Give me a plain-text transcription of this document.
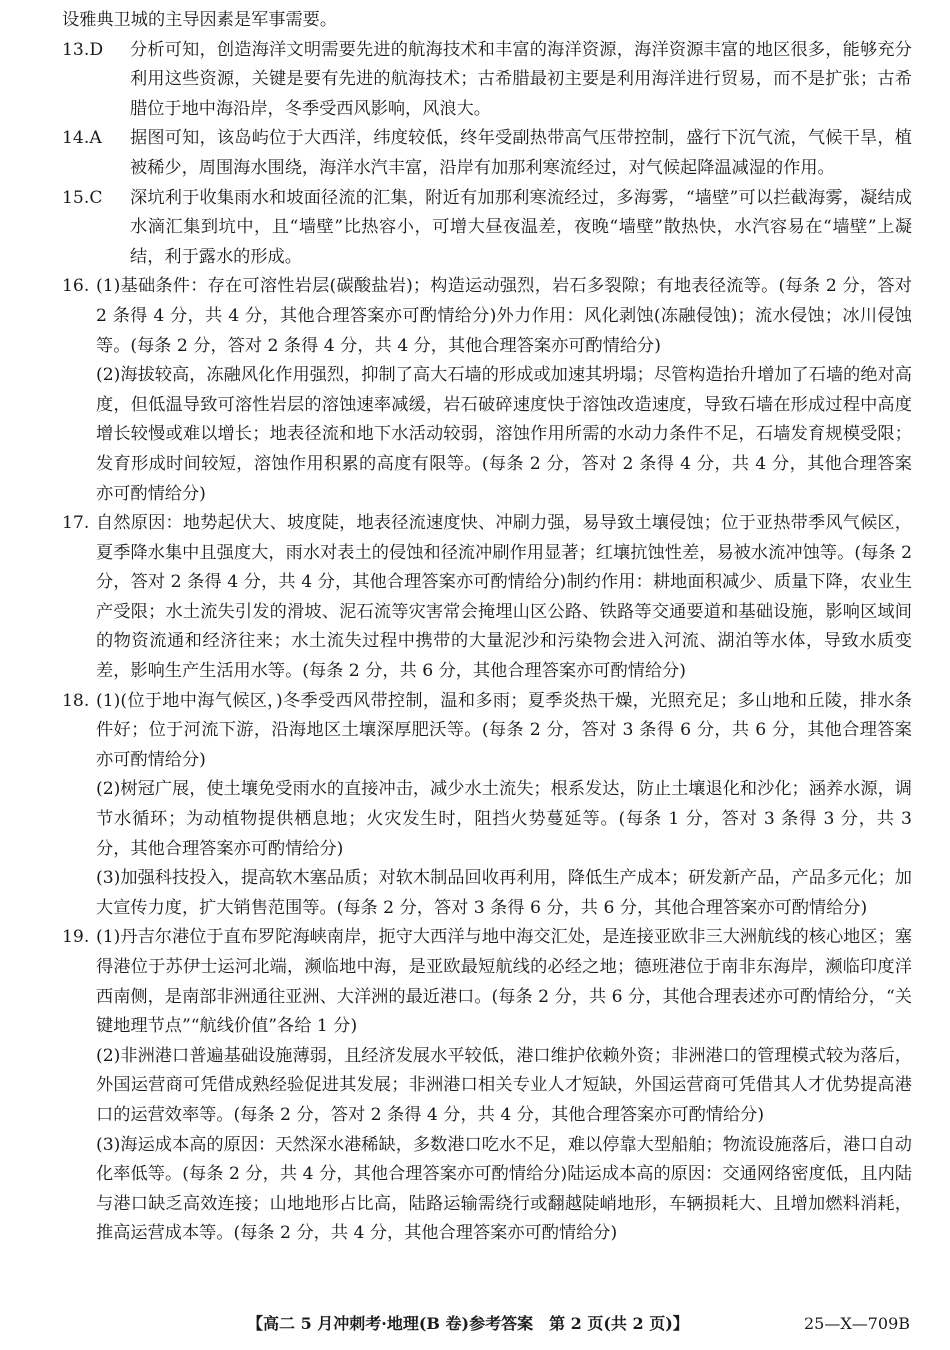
设雅典卫城的主导因素是军事需要。

13.D	分析可知，创造海洋文明需要先进的航海技术和丰富的海洋资源，海洋资源丰富的地区很多，能够充分利用这些资源，关键是要有先进的航海技术；古希腊最初主要是利用海洋进行贸易，而不是扩张；古希腊位于地中海沿岸，冬季受西风影响，风浪大。
14.A	据图可知，该岛屿位于大西洋，纬度较低，终年受副热带高气压带控制，盛行下沉气流，气候干旱，植被稀少，周围海水围绕，海洋水汽丰富，沿岸有加那利寒流经过，对气候起降温减湿的作用。
15.C	深坑利于收集雨水和坡面径流的汇集，附近有加那利寒流经过，多海雾，“墙壁”可以拦截海雾，凝结成水滴汇集到坑中，且“墙壁”比热容小，可增大昼夜温差，夜晚“墙壁”散热快，水汽容易在“墙壁”上凝结，利于露水的形成。
16. (1)基础条件：存在可溶性岩层(碳酸盐岩)；构造运动强烈，岩石多裂隙；有地表径流等。(每条 2 分，答对 2 条得 4 分，共 4 分，其他合理答案亦可酌情给分)外力作用：风化剥蚀(冻融侵蚀)；流水侵蚀；冰川侵蚀等。(每条 2 分，答对 2 条得 4 分，共 4 分，其他合理答案亦可酌情给分)

(2)海拔较高，冻融风化作用强烈，抑制了高大石墙的形成或加速其坍塌；尽管构造抬升增加了石墙的绝对高度，但低温导致可溶性岩层的溶蚀速率减缓，岩石破碎速度快于溶蚀改造速度，导致石墙在形成过程中高度增长较慢或难以增长；地表径流和地下水活动较弱，溶蚀作用所需的水动力条件不足，石墙发育规模受限；发育形成时间较短，溶蚀作用积累的高度有限等。(每条 2 分，答对 2 条得 4 分，共 4 分，其他合理答案亦可酌情给分)

17. 自然原因：地势起伏大、坡度陡，地表径流速度快、冲刷力强，易导致土壤侵蚀；位于亚热带季风气候区，夏季降水集中且强度大，雨水对表土的侵蚀和径流冲刷作用显著；红壤抗蚀性差，易被水流冲蚀等。(每条 2 分，答对 2 条得 4 分，共 4 分，其他合理答案亦可酌情给分)制约作用：耕地面积减少、质量下降，农业生产受限；水土流失引发的滑坡、泥石流等灾害常会掩埋山区公路、铁路等交通要道和基础设施，影响区域间的物资流通和经济往来；水土流失过程中携带的大量泥沙和污染物会进入河流、湖泊等水体，导致水质变差，影响生产生活用水等。(每条 2 分，共 6 分，其他合理答案亦可酌情给分)

18. (1)(位于地中海气候区，)冬季受西风带控制，温和多雨；夏季炎热干燥，光照充足；多山地和丘陵，排水条件好；位于河流下游，沿海地区土壤深厚肥沃等。(每条 2 分，答对 3 条得 6 分，共 6 分，其他合理答案亦可酌情给分)

(2)树冠广展，使土壤免受雨水的直接冲击，减少水土流失；根系发达，防止土壤退化和沙化；涵养水源，调节水循环；为动植物提供栖息地；火灾发生时，阻挡火势蔓延等。(每条 1 分，答对 3 条得 3 分，共 3 分，其他合理答案亦可酌情给分)

(3)加强科技投入，提高软木塞品质；对软木制品回收再利用，降低生产成本；研发新产品，产品多元化；加大宣传力度，扩大销售范围等。(每条 2 分，答对 3 条得 6 分，共 6 分，其他合理答案亦可酌情给分)

19. (1)丹吉尔港位于直布罗陀海峡南岸，扼守大西洋与地中海交汇处，是连接亚欧非三大洲航线的核心地区；塞得港位于苏伊士运河北端，濒临地中海，是亚欧最短航线的必经之地；德班港位于南非东海岸，濒临印度洋西南侧，是南部非洲通往亚洲、大洋洲的最近港口。(每条 2 分，共 6 分，其他合理表述亦可酌情给分，“关键地理节点”“航线价值”各给 1 分)

(2)非洲港口普遍基础设施薄弱，且经济发展水平较低，港口维护依赖外资；非洲港口的管理模式较为落后，外国运营商可凭借成熟经验促进其发展；非洲港口相关专业人才短缺，外国运营商可凭借其人才优势提高港口的运营效率等。(每条 2 分，答对 2 条得 4 分，共 4 分，其他合理答案亦可酌情给分)

(3)海运成本高的原因：天然深水港稀缺，多数港口吃水不足，难以停靠大型船舶；物流设施落后，港口自动化率低等。(每条 2 分，共 4 分，其他合理答案亦可酌情给分)陆运成本高的原因：交通网络密度低，且内陆与港口缺乏高效连接；山地地形占比高，陆路运输需绕行或翻越陡峭地形，车辆损耗大、且增加燃料消耗，推高运营成本等。(每条 2 分，共 4 分，其他合理答案亦可酌情给分)

【高二 5 月冲刺考·地理(B 卷)参考答案　第 2 页(共 2 页)】	25—X—709B
